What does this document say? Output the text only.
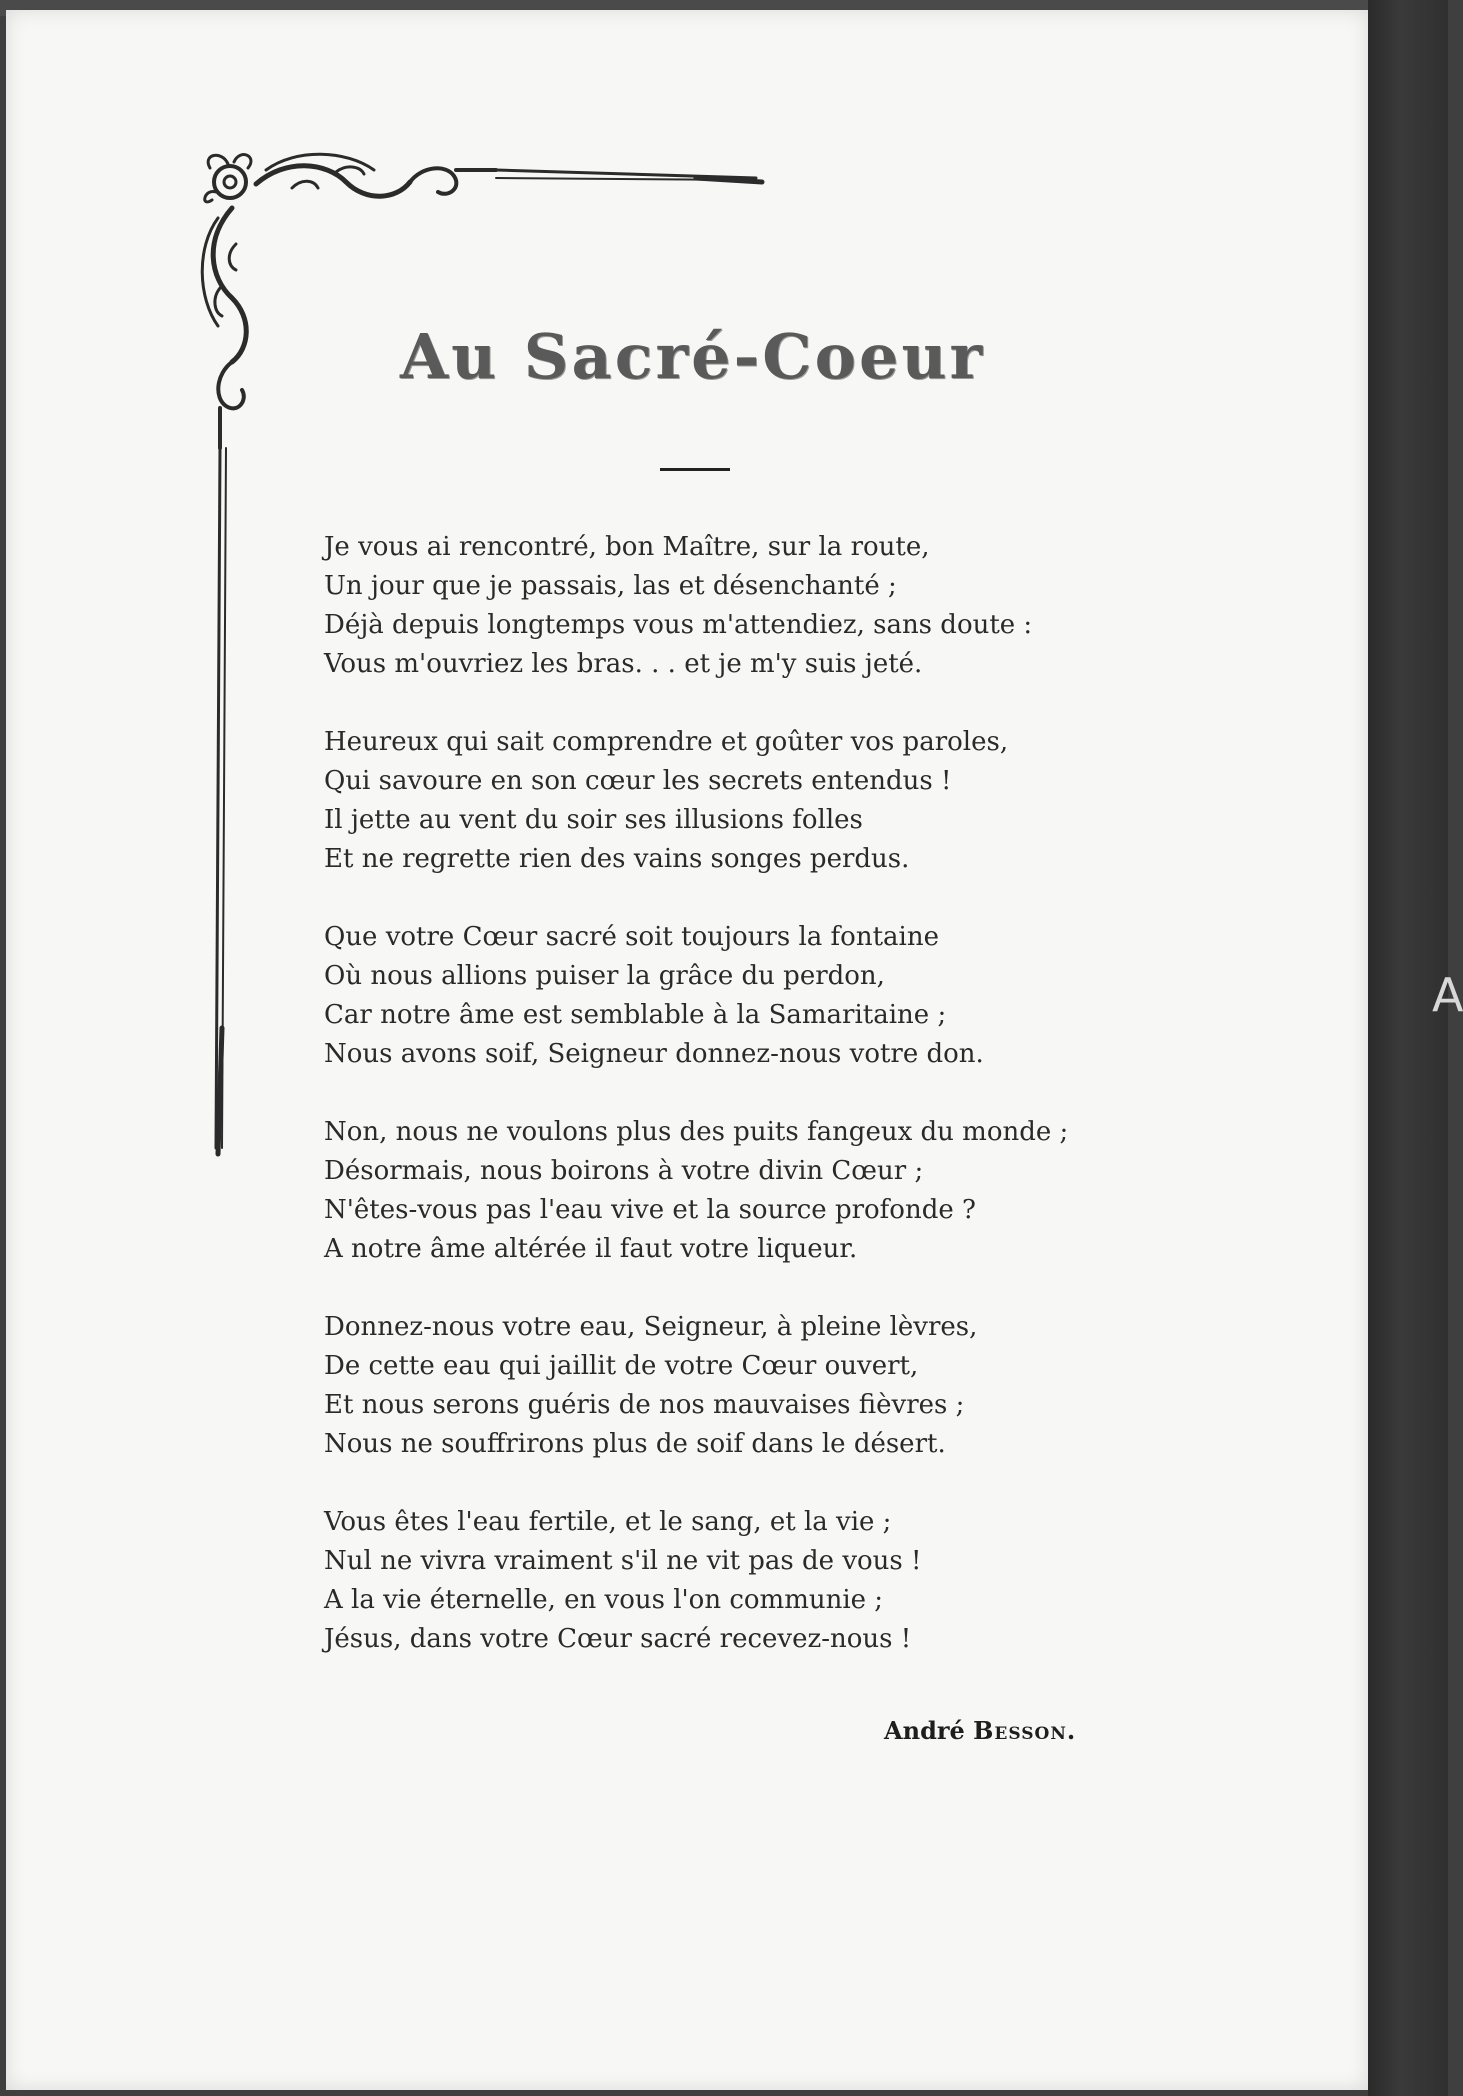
A
Au Sacré-Coeur
Je vous ai rencontré, bon Maître, sur la route,
Un jour que je passais, las et désenchanté ;
Déjà depuis longtemps vous m'attendiez, sans doute :
Vous m'ouvriez les bras. . . et je m'y suis jeté.
Heureux qui sait comprendre et goûter vos paroles,
Qui savoure en son cœur les secrets entendus !
Il jette au vent du soir ses illusions folles
Et ne regrette rien des vains songes perdus.
Que votre Cœur sacré soit toujours la fontaine
Où nous allions puiser la grâce du perdon,
Car notre âme est semblable à la Samaritaine ;
Nous avons soif, Seigneur donnez-nous votre don.
Non, nous ne voulons plus des puits fangeux du monde ;
Désormais, nous boirons à votre divin Cœur ;
N'êtes-vous pas l'eau vive et la source profonde ?
A notre âme altérée il faut votre liqueur.
Donnez-nous votre eau, Seigneur, à pleine lèvres,
De cette eau qui jaillit de votre Cœur ouvert,
Et nous serons guéris de nos mauvaises fièvres ;
Nous ne souffrirons plus de soif dans le désert.
Vous êtes l'eau fertile, et le sang, et la vie ;
Nul ne vivra vraiment s'il ne vit pas de vous !
A la vie éternelle, en vous l'on communie ;
Jésus, dans votre Cœur sacré recevez-nous !
André Besson.
